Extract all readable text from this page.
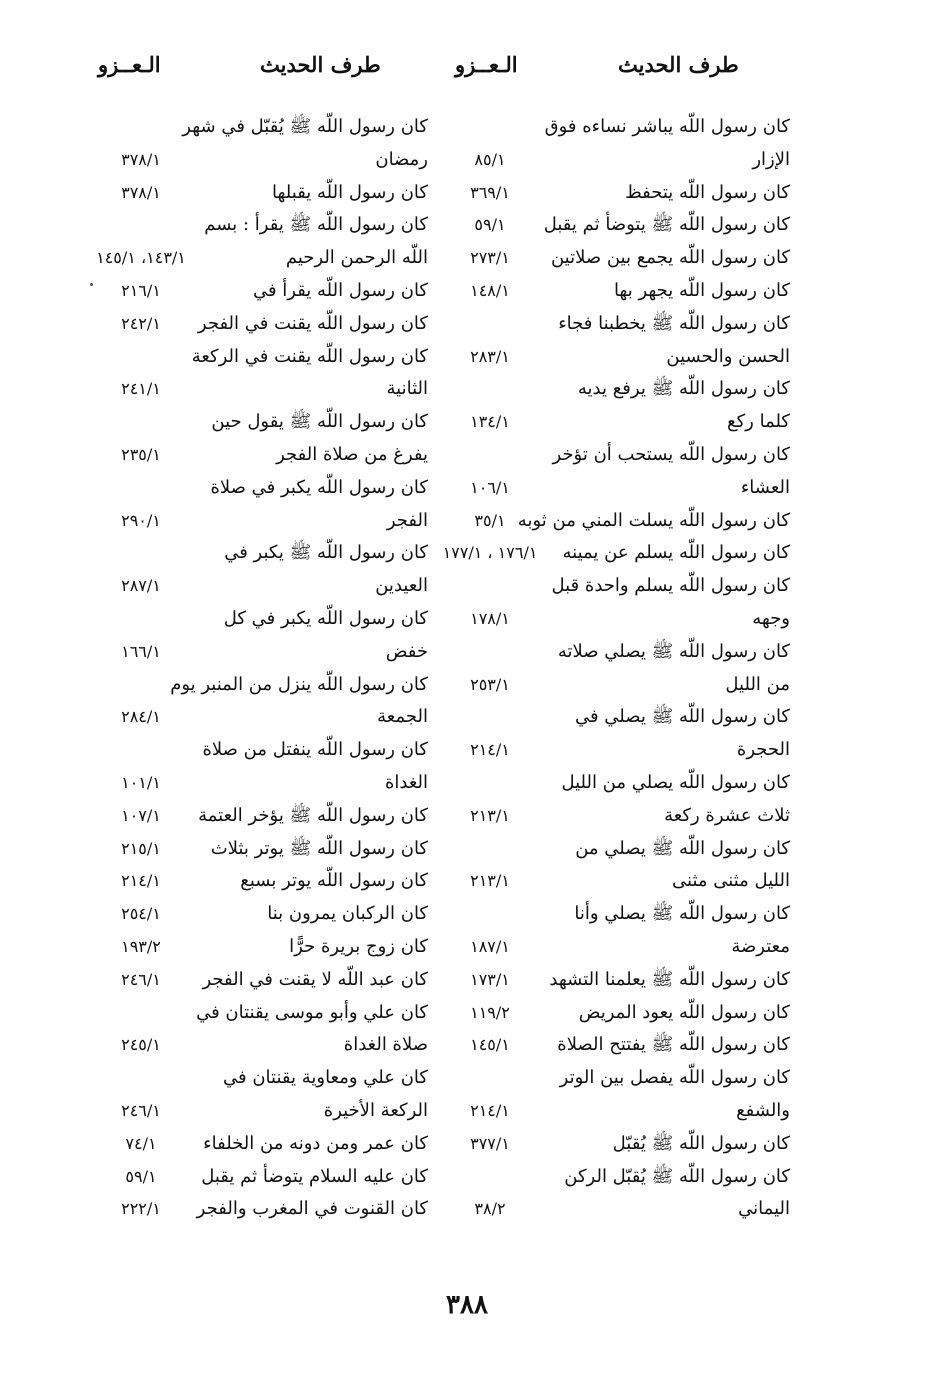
طرف الحديث
الـعــزو
طرف الحديث
الـعــزو
كان رسول اللّه يباشر نساءه فوق
الإزار
٨٥/١
كان رسول اللّه يتحفظ
٣٦٩/١
كان رسول اللّه ﷺ يتوضأ ثم يقبل
٥٩/١
كان رسول اللّه يجمع بين صلاتين
٢٧٣/١
كان رسول اللّه يجهر بها
١٤٨/١
كان رسول اللّه ﷺ يخطبنا فجاء
الحسن والحسين
٢٨٣/١
كان رسول اللّه ﷺ يرفع يديه
كلما ركع
١٣٤/١
كان رسول اللّه يستحب أن تؤخر
العشاء
١٠٦/١
كان رسول اللّه يسلت المني من ثوبه
٣٥/١
كان رسول اللّه يسلم عن يمينه
١٧٦/١ ، ١٧٧/١
كان رسول اللّه يسلم واحدة قبل
وجهه
١٧٨/١
كان رسول اللّه ﷺ يصلي صلاته
من الليل
٢٥٣/١
كان رسول اللّه ﷺ يصلي في
الحجرة
٢١٤/١
كان رسول اللّه يصلي من الليل
ثلاث عشرة ركعة
٢١٣/١
كان رسول اللّه ﷺ يصلي من
الليل مثنى مثنى
٢١٣/١
كان رسول اللّه ﷺ يصلي وأنا
معترضة
١٨٧/١
كان رسول اللّه ﷺ يعلمنا التشهد
١٧٣/١
كان رسول اللّه يعود المريض
١١٩/٢
كان رسول اللّه ﷺ يفتتح الصلاة
١٤٥/١
كان رسول اللّه يفصل بين الوتر
والشفع
٢١٤/١
كان رسول اللّه ﷺ يُقبّل
٣٧٧/١
كان رسول اللّه ﷺ يُقبّل الركن
اليماني
٣٨/٢
كان رسول اللّه ﷺ يُقبّل في شهر
رمضان
٣٧٨/١
كان رسول اللّه يقبلها
٣٧٨/١
كان رسول اللّه ﷺ يقرأ : بسم
اللّه الرحمن الرحيم
١٤٣/١، ١٤٥/١
كان رسول اللّه يقرأ في
٢١٦/١
كان رسول اللّه يقنت في الفجر
٢٤٢/١
كان رسول اللّه يقنت في الركعة
الثانية
٢٤١/١
كان رسول اللّه ﷺ يقول حين
يفرغ من صلاة الفجر
٢٣٥/١
كان رسول اللّه يكبر في صلاة
الفجر
٢٩٠/١
كان رسول اللّه ﷺ يكبر في
العيدين
٢٨٧/١
كان رسول اللّه يكبر في كل
خفض
١٦٦/١
كان رسول اللّه ينزل من المنبر يوم
الجمعة
٢٨٤/١
كان رسول اللّه ينفتل من صلاة
الغداة
١٠١/١
كان رسول اللّه ﷺ يؤخر العتمة
١٠٧/١
كان رسول اللّه ﷺ يوتر بثلاث
٢١٥/١
كان رسول اللّه يوتر بسبع
٢١٤/١
كان الركبان يمرون بنا
٢٥٤/١
كان زوج بريرة حرًّا
١٩٣/٢
كان عبد اللّه لا يقنت في الفجر
٢٤٦/١
كان علي وأبو موسى يقنتان في
صلاة الغداة
٢٤٥/١
كان علي ومعاوية يقنتان في
الركعة الأخيرة
٢٤٦/١
كان عمر ومن دونه من الخلفاء
٧٤/١
كان عليه السلام يتوضأ ثم يقبل
٥٩/١
كان القنوت في المغرب والفجر
٢٢٢/١
٣٨٨
